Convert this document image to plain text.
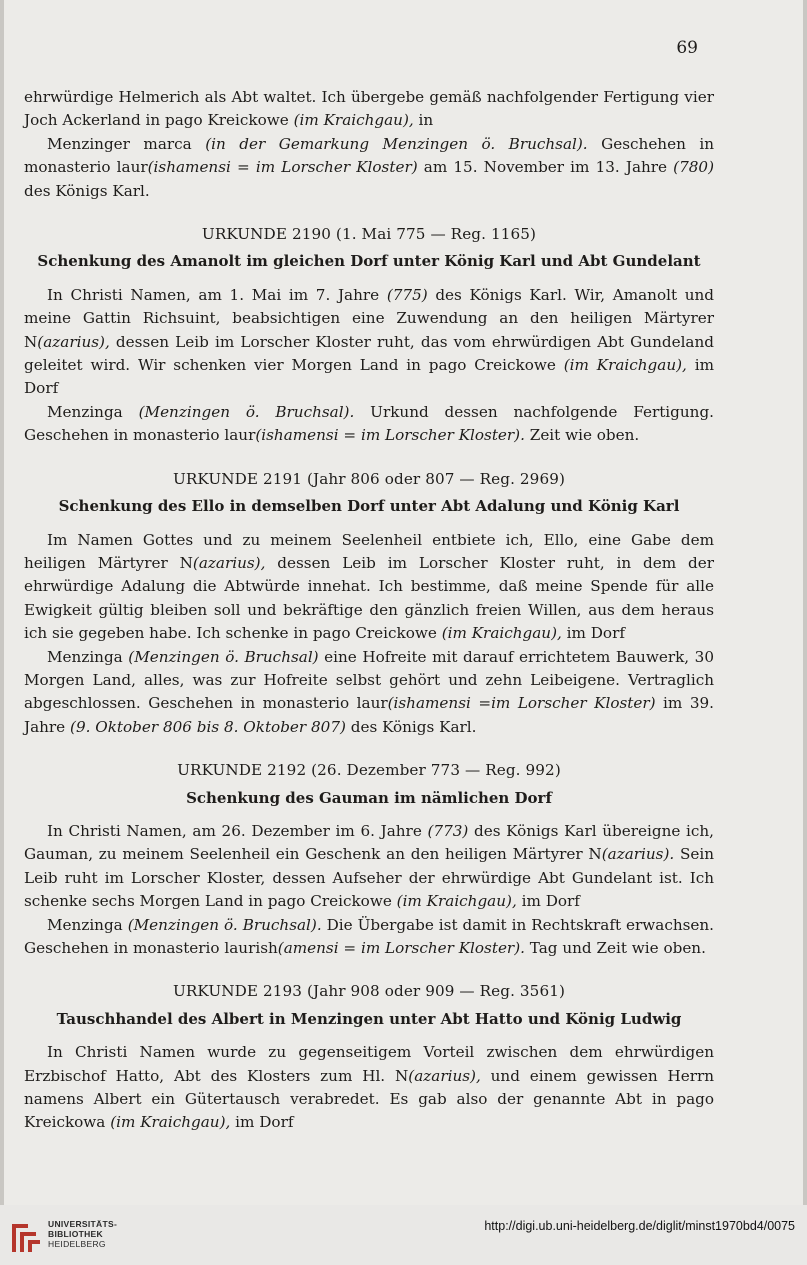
69

ehrwürdige Helmerich als Abt waltet. Ich übergebe gemäß nachfolgender Fertigung vier Joch Ackerland in pago Kreickowe (im Kraichgau), in

Menzinger marca (in der Gemarkung Menzingen ö. Bruchsal). Geschehen in monasterio laur(ishamensi = im Lorscher Kloster) am 15. November im 13. Jahre (780) des Königs Karl.

URKUNDE 2190 (1. Mai 775 — Reg. 1165)
Schenkung des Amanolt im gleichen Dorf unter König Karl und Abt Gundelant

In Christi Namen, am 1. Mai im 7. Jahre (775) des Königs Karl. Wir, Amanolt und meine Gattin Richsuint, beabsichtigen eine Zuwendung an den heiligen Märtyrer N(azarius), dessen Leib im Lorscher Kloster ruht, das vom ehrwürdigen Abt Gundeland geleitet wird. Wir schenken vier Morgen Land in pago Creickowe (im Kraichgau), im Dorf

Menzinga (Menzingen ö. Bruchsal). Urkund dessen nachfolgende Fertigung. Geschehen in monasterio laur(ishamensi = im Lorscher Kloster). Zeit wie oben.

URKUNDE 2191 (Jahr 806 oder 807 — Reg. 2969)
Schenkung des Ello in demselben Dorf unter Abt Adalung und König Karl

Im Namen Gottes und zu meinem Seelenheil entbiete ich, Ello, eine Gabe dem heiligen Märtyrer N(azarius), dessen Leib im Lorscher Kloster ruht, in dem der ehrwürdige Adalung die Abtwürde innehat. Ich bestimme, daß meine Spende für alle Ewigkeit gültig bleiben soll und bekräftige den gänzlich freien Willen, aus dem heraus ich sie gegeben habe. Ich schenke in pago Creickowe (im Kraichgau), im Dorf

Menzinga (Menzingen ö. Bruchsal) eine Hofreite mit darauf errichtetem Bauwerk, 30 Morgen Land, alles, was zur Hofreite selbst gehört und zehn Leibeigene. Vertraglich abgeschlossen. Geschehen in monasterio laur(ishamensi =im Lorscher Kloster) im 39. Jahre (9. Oktober 806 bis 8. Oktober 807) des Königs Karl.

URKUNDE 2192 (26. Dezember 773 — Reg. 992)
Schenkung des Gauman im nämlichen Dorf

In Christi Namen, am 26. Dezember im 6. Jahre (773) des Königs Karl übereigne ich, Gauman, zu meinem Seelenheil ein Geschenk an den heiligen Märtyrer N(azarius). Sein Leib ruht im Lorscher Kloster, dessen Aufseher der ehrwürdige Abt Gundelant ist. Ich schenke sechs Morgen Land in pago Creickowe (im Kraichgau), im Dorf

Menzinga (Menzingen ö. Bruchsal). Die Übergabe ist damit in Rechtskraft erwachsen. Geschehen in monasterio laurish(amensi = im Lorscher Kloster). Tag und Zeit wie oben.

URKUNDE 2193 (Jahr 908 oder 909 — Reg. 3561)
Tauschhandel des Albert in Menzingen unter Abt Hatto und König Ludwig

In Christi Namen wurde zu gegenseitigem Vorteil zwischen dem ehrwürdigen Erzbischof Hatto, Abt des Klosters zum Hl. N(azarius), und einem gewissen Herrn namens Albert ein Gütertausch verabredet. Es gab also der genannte Abt in pago Kreickowa (im Kraichgau), im Dorf

UNIVERSITÄTS-
BIBLIOTHEK
HEIDELBERG
http://digi.ub.uni-heidelberg.de/diglit/minst1970bd4/0075
